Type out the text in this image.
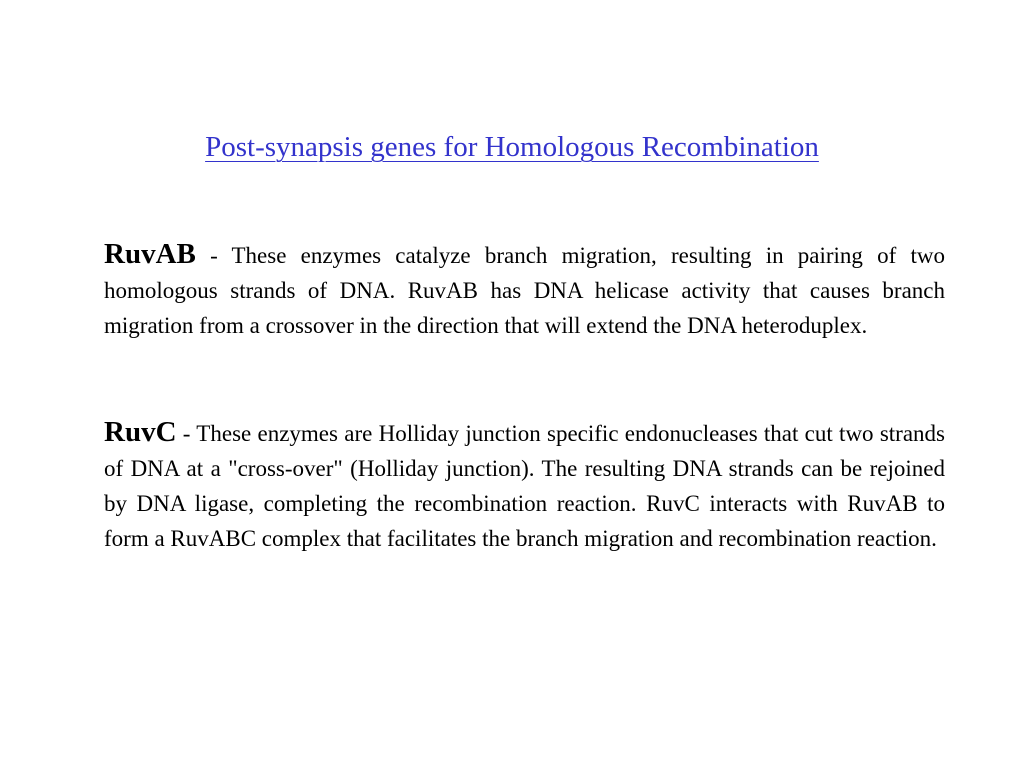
Post-synapsis genes for Homologous Recombination

RuvAB - These enzymes catalyze branch migration, resulting in pairing of two homologous strands of DNA. RuvAB has DNA helicase activity that causes branch migration from a crossover in the direction that will extend the DNA heteroduplex.

RuvC - These enzymes are Holliday junction specific endonucleases that cut two strands of DNA at a "cross-over" (Holliday junction). The resulting DNA strands can be rejoined by DNA ligase, completing the recombination reaction. RuvC interacts with RuvAB to form a RuvABC complex that facilitates the branch migration and recombination reaction.
